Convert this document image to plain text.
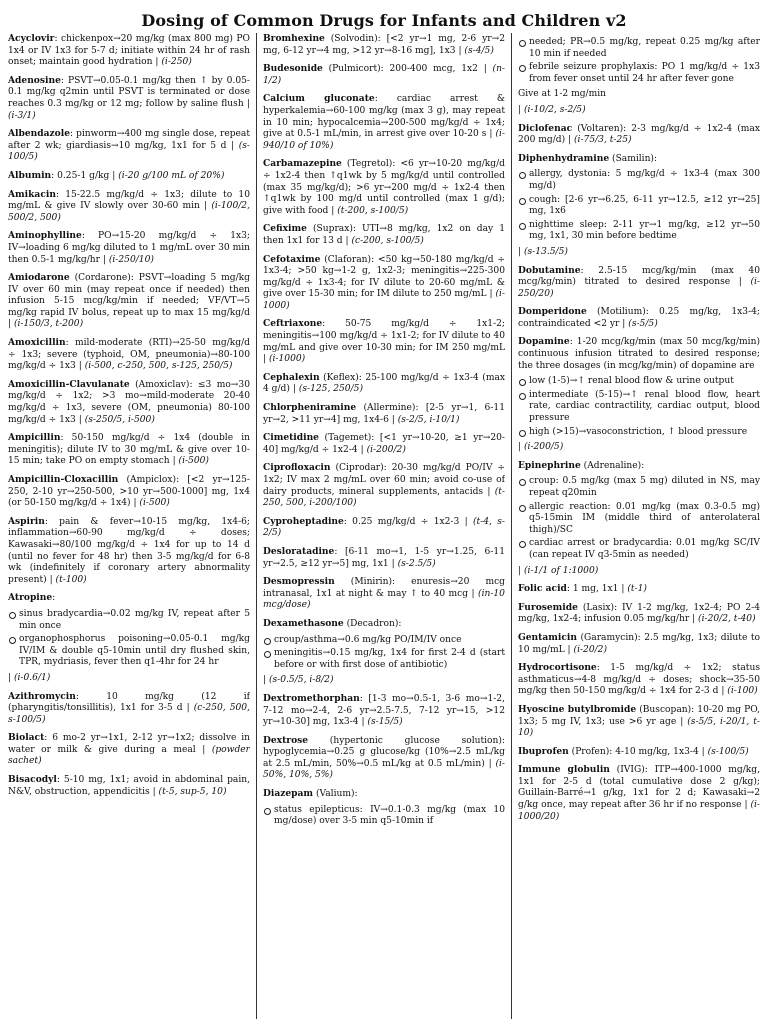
Dosing of Common Drugs for Infants and Children v2
Acyclovir: chickenpox→20 mg/kg (max 800 mg) PO 1x4 or IV 1x3 for 5-7 d; initiate within 24 hr of rash onset; maintain good hydration | (i-250)
Adenosine: PSVT→0.05-0.1 mg/kg then ↑ by 0.05-0.1 mg/kg q2min until PSVT is terminated or dose reaches 0.3 mg/kg or 12 mg; follow by saline flush | (i-3/1)
Albendazole: pinworm→400 mg single dose, repeat after 2 wk; giardiasis→10 mg/kg, 1x1 for 5 d | (s-100/5)
Albumin: 0.25-1 g/kg | (i-20 g/100 mL of 20%)
Amikacin: 15-22.5 mg/kg/d ÷ 1x3; dilute to 10 mg/mL & give IV slowly over 30-60 min | (i-100/2, 500/2, 500)
Aminophylline: PO→15-20 mg/kg/d ÷ 1x3; IV→loading 6 mg/kg diluted to 1 mg/mL over 30 min then 0.5-1 mg/kg/hr | (i-250/10)
Amiodarone (Cordarone): PSVT→loading 5 mg/kg IV over 60 min (may repeat once if needed) then infusion 5-15 mcg/kg/min if needed; VF/VT→5 mg/kg rapid IV bolus, repeat up to max 15 mg/kg/d | (i-150/3, t-200)
Amoxicillin: mild-moderate (RTI)→25-50 mg/kg/d ÷ 1x3; severe (typhoid, OM, pneumonia)→80-100 mg/kg/d ÷ 1x3 | (i-500, c-250, 500, s-125, 250/5)
Amoxicillin-Clavulanate (Amoxiclav): ≤3 mo→30 mg/kg/d ÷ 1x2; >3 mo→mild-moderate 20-40 mg/kg/d ÷ 1x3, severe (OM, pneumonia) 80-100 mg/kg/d ÷ 1x3 | (s-250/5, i-500)
Ampicillin: 50-150 mg/kg/d ÷ 1x4 (double in meningitis); dilute IV to 30 mg/mL & give over 10-15 min; take PO on empty stomach | (i-500)
Ampicillin-Cloxacillin (Ampiclox): [<2 yr→125-250, 2-10 yr→250-500, >10 yr→500-1000] mg, 1x4 (or 50-150 mg/kg/d ÷ 1x4) | (i-500)
Aspirin: pain & fever→10-15 mg/kg, 1x4-6; inflammation→60-90 mg/kg/d ÷ doses; Kawasaki→80/100 mg/kg/d ÷ 1x4 for up to 14 d (until no fever for 48 hr) then 3-5 mg/kg/d for 6-8 wk (indefinitely if coronary artery abnormality present) | (t-100)
Atropine:
sinus bradycardia→0.02 mg/kg IV, repeat after 5 min once
organophosphorus poisoning→0.05-0.1 mg/kg IV/IM & double q5-10min until dry flushed skin, TPR, mydriasis, fever then q1-4hr for 24 hr
| (i-0.6/1)
Azithromycin: 10 mg/kg (12 if (pharyngitis/tonsillitis), 1x1 for 3-5 d | (c-250, 500, s-100/5)
Biolact: 6 mo-2 yr→1x1, 2-12 yr→1x2; dissolve in water or milk & give during a meal | (powder sachet)
Bisacodyl: 5-10 mg, 1x1; avoid in abdominal pain, N&V, obstruction, appendicitis | (t-5, sup-5, 10)
Bromhexine (Solvodin): [<2 yr→1 mg, 2-6 yr→2 mg, 6-12 yr→4 mg, >12 yr→8-16 mg], 1x3 | (s-4/5)
Budesonide (Pulmicort): 200-400 mcg, 1x2 | (n-1/2)
Calcium gluconate: cardiac arrest & hyperkalemia→60-100 mg/kg (max 3 g), may repeat in 10 min; hypocalcemia→200-500 mg/kg/d ÷ 1x4; give at 0.5-1 mL/min, in arrest give over 10-20 s | (i-940/10 of 10%)
Carbamazepine (Tegretol): <6 yr→10-20 mg/kg/d ÷ 1x2-4 then ↑q1wk by 5 mg/kg/d until controlled (max 35 mg/kg/d); >6 yr→200 mg/d ÷ 1x2-4 then ↑q1wk by 100 mg/d until controlled (max 1 g/d); give with food | (t-200, s-100/5)
Cefixime (Suprax): UTI→8 mg/kg, 1x2 on day 1 then 1x1 for 13 d | (c-200, s-100/5)
Cefotaxime (Claforan): <50 kg→50-180 mg/kg/d ÷ 1x3-4; >50 kg→1-2 g, 1x2-3; meningitis→225-300 mg/kg/d ÷ 1x3-4; for IV dilute to 20-60 mg/mL & give over 15-30 min; for IM dilute to 250 mg/mL | (i-1000)
Ceftriaxone: 50-75 mg/kg/d ÷ 1x1-2; meningitis→100 mg/kg/d ÷ 1x1-2; for IV dilute to 40 mg/mL and give over 10-30 min; for IM 250 mg/mL | (i-1000)
Cephalexin (Keflex): 25-100 mg/kg/d ÷ 1x3-4 (max 4 g/d) | (s-125, 250/5)
Chlorpheniramine (Allermine): [2-5 yr→1, 6-11 yr→2, >11 yr→4] mg, 1x4-6 | (s-2/5, i-10/1)
Cimetidine (Tagemet): [<1 yr→10-20, ≥1 yr→20-40] mg/kg/d ÷ 1x2-4 | (i-200/2)
Ciprofloxacin (Ciprodar): 20-30 mg/kg/d PO/IV ÷ 1x2; IV max 2 mg/mL over 60 min; avoid co-use of dairy products, mineral supplements, antacids | (t-250, 500, i-200/100)
Cyproheptadine: 0.25 mg/kg/d ÷ 1x2-3 | (t-4, s-2/5)
Desloratadine: [6-11 mo→1, 1-5 yr→1.25, 6-11 yr→2.5, ≥12 yr→5] mg, 1x1 | (s-2.5/5)
Desmopressin (Minirin): enuresis→20 mcg intranasal, 1x1 at night & may ↑ to 40 mcg | (in-10 mcg/dose)
Dexamethasone (Decadron):
croup/asthma→0.6 mg/kg PO/IM/IV once
meningitis→0.15 mg/kg, 1x4 for first 2-4 d (start before or with first dose of antibiotic)
| (s-0.5/5, i-8/2)
Dextromethorphan: [1-3 mo→0.5-1, 3-6 mo→1-2, 7-12 mo→2-4, 2-6 yr→2.5-7.5, 7-12 yr→15, >12 yr→10-30] mg, 1x3-4 | (s-15/5)
Dextrose (hypertonic glucose solution): hypoglycemia→0.25 g glucose/kg (10%→2.5 mL/kg at 2.5 mL/min, 50%→0.5 mL/kg at 0.5 mL/min) | (i-50%, 10%, 5%)
Diazepam (Valium):
status epilepticus: IV→0.1-0.3 mg/kg (max 10 mg/dose) over 3-5 min q5-10min if
needed; PR→0.5 mg/kg, repeat 0.25 mg/kg after 10 min if needed
febrile seizure prophylaxis: PO 1 mg/kg/d ÷ 1x3 from fever onset until 24 hr after fever gone
Give at 1-2 mg/min
| (i-10/2, s-2/5)
Diclofenac (Voltaren): 2-3 mg/kg/d ÷ 1x2-4 (max 200 mg/d) | (i-75/3, t-25)
Diphenhydramine (Samilin):
allergy, dystonia: 5 mg/kg/d ÷ 1x3-4 (max 300 mg/d)
cough: [2-6 yr→6.25, 6-11 yr→12.5, ≥12 yr→25] mg, 1x6
nighttime sleep: 2-11 yr→1 mg/kg, ≥12 yr→50 mg, 1x1, 30 min before bedtime
| (s-13.5/5)
Dobutamine: 2.5-15 mcg/kg/min (max 40 mcg/kg/min) titrated to desired response | (i-250/20)
Domperidone (Motilium): 0.25 mg/kg, 1x3-4; contraindicated <2 yr | (s-5/5)
Dopamine: 1-20 mcg/kg/min (max 50 mcg/kg/min) continuous infusion titrated to desired response; the three dosages (in mcg/kg/min) of dopamine are
low (1-5)→↑ renal blood flow & urine output
intermediate (5-15)→↑ renal blood flow, heart rate, cardiac contractility, cardiac output, blood pressure
high (>15)→vasoconstriction, ↑ blood pressure
| (i-200/5)
Epinephrine (Adrenaline):
croup: 0.5 mg/kg (max 5 mg) diluted in NS, may repeat q20min
allergic reaction: 0.01 mg/kg (max 0.3-0.5 mg) q5-15min IM (middle third of anterolateral thigh)/SC
cardiac arrest or bradycardia: 0.01 mg/kg SC/IV (can repeat IV q3-5min as needed)
| (i-1/1 of 1:1000)
Folic acid: 1 mg, 1x1 | (t-1)
Furosemide (Lasix): IV 1-2 mg/kg, 1x2-4; PO 2-4 mg/kg, 1x2-4; infusion 0.05 mg/kg/hr | (i-20/2, t-40)
Gentamicin (Garamycin): 2.5 mg/kg, 1x3; dilute to 10 mg/mL | (i-20/2)
Hydrocortisone: 1-5 mg/kg/d ÷ 1x2; status asthmaticus→4-8 mg/kg/d ÷ doses; shock→35-50 mg/kg then 50-150 mg/kg/d ÷ 1x4 for 2-3 d | (i-100)
Hyoscine butylbromide (Buscopan): 10-20 mg PO, 1x3; 5 mg IV, 1x3; use >6 yr age | (s-5/5, i-20/1, t-10)
Ibuprofen (Profen): 4-10 mg/kg, 1x3-4 | (s-100/5)
Immune globulin (IVIG): ITP→400-1000 mg/kg, 1x1 for 2-5 d (total cumulative dose 2 g/kg); Guillain-Barré→1 g/kg, 1x1 for 2 d; Kawasaki→2 g/kg once, may repeat after 36 hr if no response | (i-1000/20)
